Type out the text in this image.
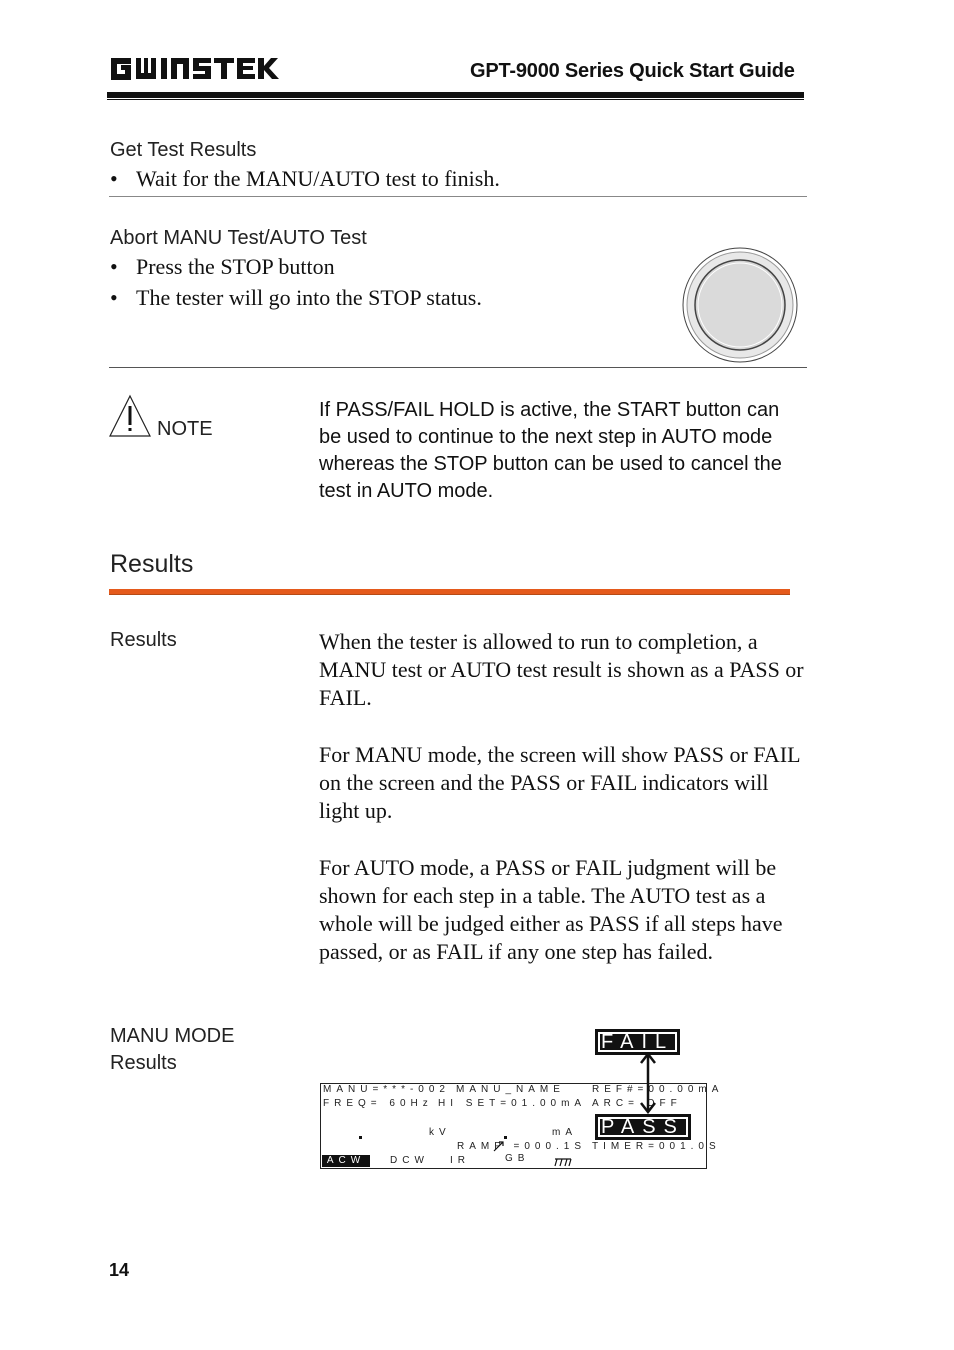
GPT-9000 Series Quick Start Guide
Get Test Results
• Wait for the MANU/AUTO test to finish.
Abort MANU Test/AUTO Test
• Press the STOP button
• The tester will go into the STOP status.
NOTE
If PASS/FAIL HOLD is active, the START button can be used to continue to the next step in AUTO mode whereas the STOP button can be used to cancel the test in AUTO mode.
Results
Results	When the tester is allowed to run to completion, a MANU test or AUTO test result is shown as a PASS or FAIL.
For MANU mode, the screen will show PASS or FAIL on the screen and the PASS or FAIL indicators will light up.
For AUTO mode, a PASS or FAIL judgment will be shown for each step in a table. The AUTO test as a whole will be judged either as PASS if all steps have passed, or as FAIL if any one step has failed.
MANU MODE
Results
MANU=***-002 MANU_NAME	REF#=00.00mA
FREQ= 60Hz HI SET=01.00mA ARC= OFF
kV	mA
RAMP =000.1S TIMER=001.0S
ACW	DCW IR	GB
FAIL
PASS
14
